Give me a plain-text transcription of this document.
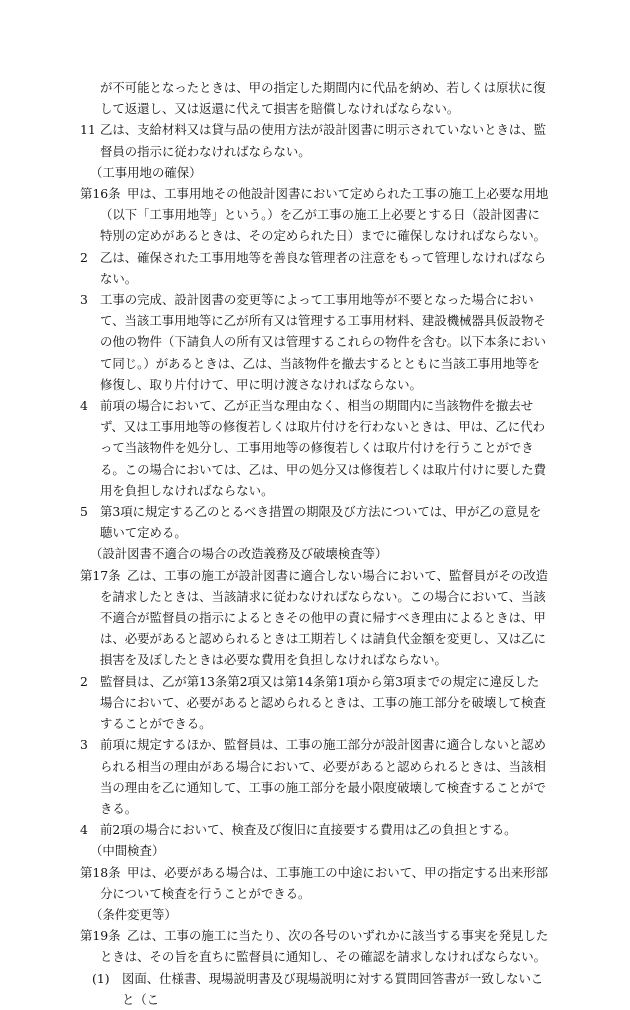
が不可能となったときは、甲の指定した期間内に代品を納め、若しくは原状に復して返還し、又は返還に代えて損害を賠償しなければならない。

11 乙は、支給材料又は貸与品の使用方法が設計図書に明示されていないときは、監督員の指示に従わなければならない。

（工事用地の確保）

第16条 甲は、工事用地その他設計図書において定められた工事の施工上必要な用地（以下「工事用地等」という。）を乙が工事の施工上必要とする日（設計図書に特別の定めがあるときは、その定められた日）までに確保しなければならない。

2 乙は、確保された工事用地等を善良な管理者の注意をもって管理しなければならない。

3 工事の完成、設計図書の変更等によって工事用地等が不要となった場合において、当該工事用地等に乙が所有又は管理する工事用材料、建設機械器具仮設物その他の物件（下請負人の所有又は管理するこれらの物件を含む。以下本条において同じ。）があるときは、乙は、当該物件を撤去するとともに当該工事用地等を修復し、取り片付けて、甲に明け渡さなければならない。

4 前項の場合において、乙が正当な理由なく、相当の期間内に当該物件を撤去せず、又は工事用地等の修復若しくは取片付けを行わないときは、甲は、乙に代わって当該物件を処分し、工事用地等の修復若しくは取片付けを行うことができる。この場合においては、乙は、甲の処分又は修復若しくは取片付けに要した費用を負担しなければならない。

5 第3項に規定する乙のとるべき措置の期限及び方法については、甲が乙の意見を聴いて定める。

（設計図書不適合の場合の改造義務及び破壊検査等）

第17条 乙は、工事の施工が設計図書に適合しない場合において、監督員がその改造を請求したときは、当該請求に従わなければならない。この場合において、当該不適合が監督員の指示によるときその他甲の責に帰すべき理由によるときは、甲は、必要があると認められるときは工期若しくは請負代金額を変更し、又は乙に損害を及ぼしたときは必要な費用を負担しなければならない。

2 監督員は、乙が第13条第2項又は第14条第1項から第3項までの規定に違反した場合において、必要があると認められるときは、工事の施工部分を破壊して検査することができる。

3 前項に規定するほか、監督員は、工事の施工部分が設計図書に適合しないと認められる相当の理由がある場合において、必要があると認められるときは、当該相当の理由を乙に通知して、工事の施工部分を最小限度破壊して検査することができる。

4 前2項の場合において、検査及び復旧に直接要する費用は乙の負担とする。

（中間検査）

第18条 甲は、必要がある場合は、工事施工の中途において、甲の指定する出来形部分について検査を行うことができる。

（条件変更等）

第19条 乙は、工事の施工に当たり、次の各号のいずれかに該当する事実を発見したときは、その旨を直ちに監督員に通知し、その確認を請求しなければならない。

(1) 図面、仕様書、現場説明書及び現場説明に対する質問回答書が一致しないこと（こ
